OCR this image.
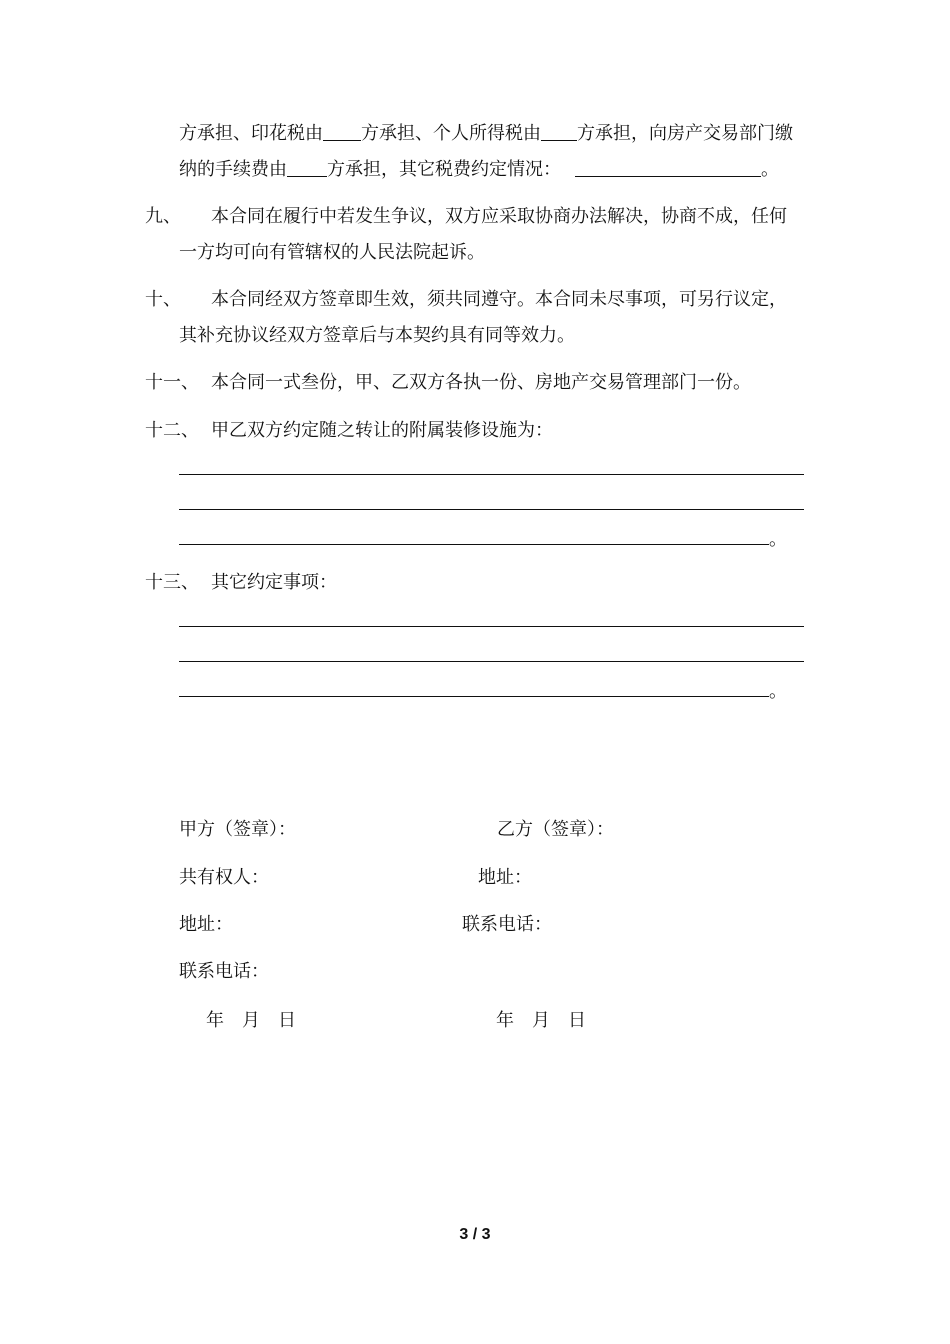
方承担、印花税由 方承担、个人所得税由 方承担，向房产交易部门缴
纳的手续费由 方承担，其它税费约定情况：	。
九、 本合同在履行中若发生争议，双方应采取协商办法解决，协商不成，任何
一方均可向有管辖权的人民法院起诉。
十、 本合同经双方签章即生效，须共同遵守。本合同未尽事项，可另行议定，
其补充协议经双方签章后与本契约具有同等效力。
十一、 本合同一式叁份，甲、乙双方各执一份、房地产交易管理部门一份。
十二、 甲乙双方约定随之转让的附属装修设施为：
。
十三、 其它约定事项：
。
甲方（签章）：	乙方（签章）：
共有权人：	地址：
地址：	联系电话：
联系电话：
年　月　日	年　月　日
3 / 3
